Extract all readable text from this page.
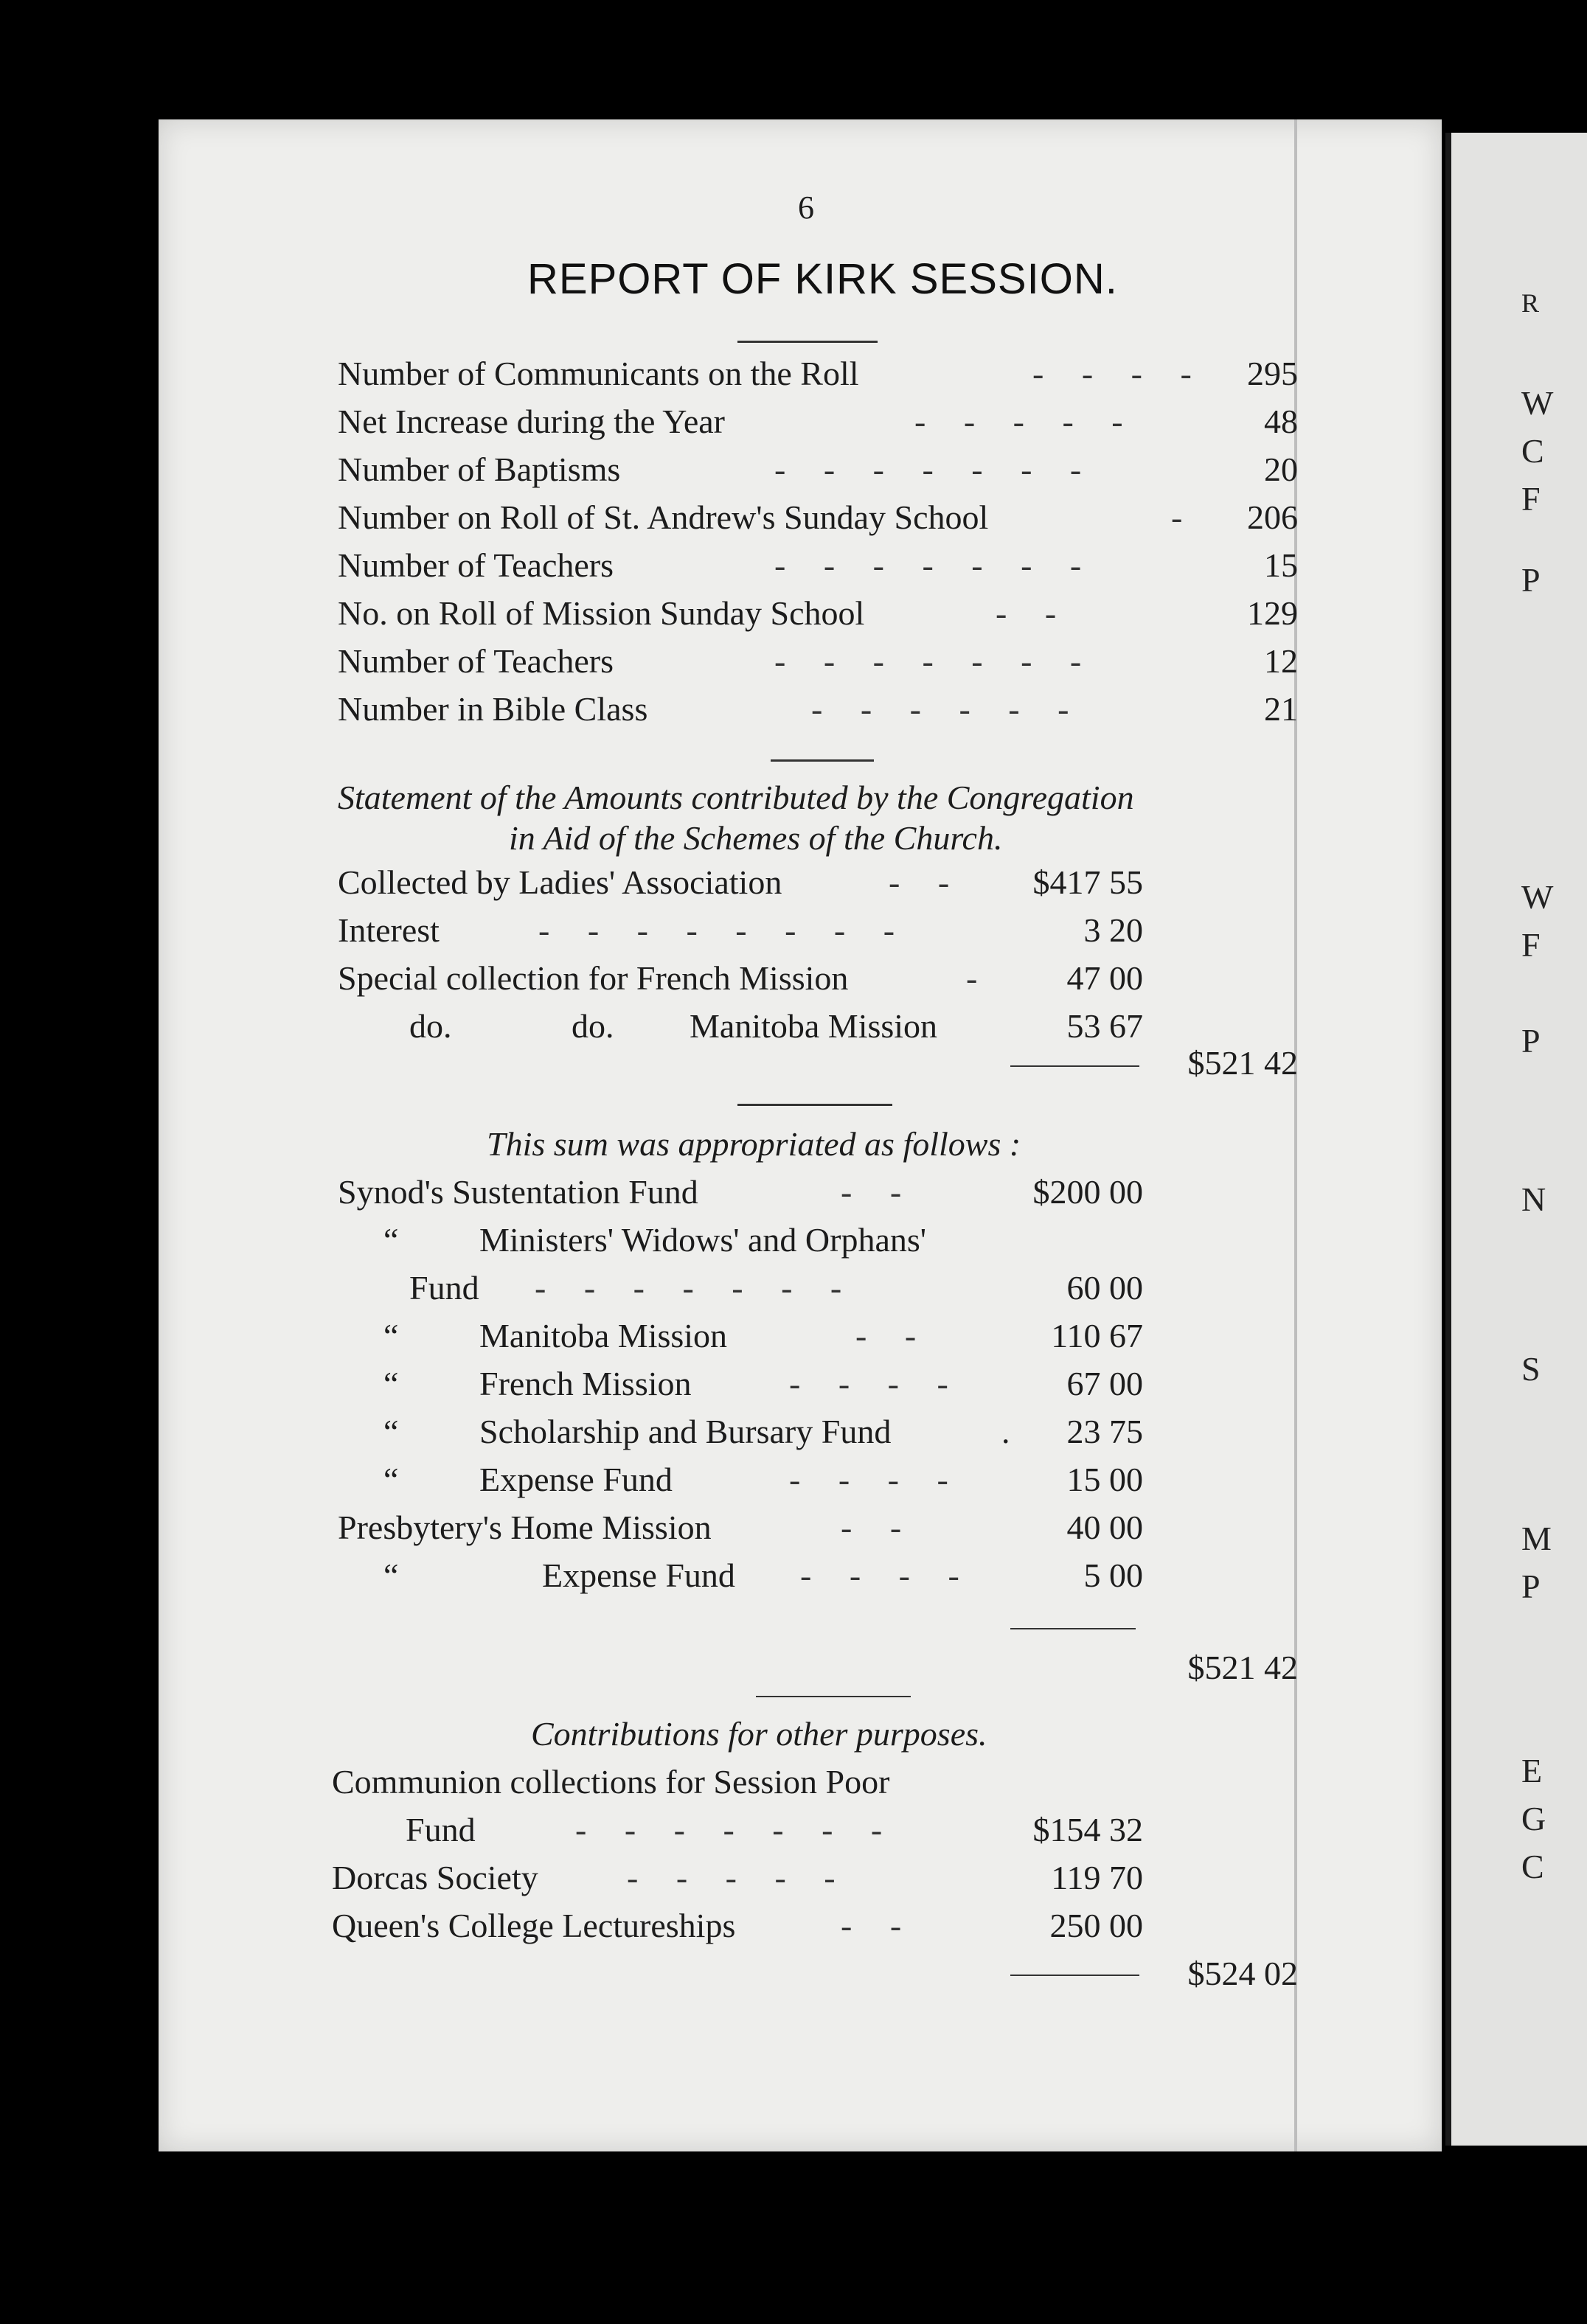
R
W
C
F
P
W
F
P
N
S
M
P
E
G
C
6
REPORT OF KIRK SESSION.
Number of Communicants on the Roll	- - - - 295
Net Increase during the Year	- - - - -	48
Number of Baptisms	- - - - - - -	20
Number on Roll of St. Andrew's Sunday School	-	206
Number of Teachers	- - - - - - -	15
No. on Roll of Mission Sunday School	- -	129
Number of Teachers	- - - - - - -	12
Number in Bible Class	- - - - - -	21
Statement of the Amounts contributed by the Congregation
in Aid of the Schemes of the Church.
Collected by Ladies' Association	- -	$417 55
Interest	- - - - - - - -	3 20
Special collection for French Mission	-	47 00
do.	do. Manitoba Mission	53 67
$521 42
This sum was appropriated as follows :
Synod's Sustentation Fund	- -	$200 00
“ Ministers' Widows' and Orphans'
Fund - - - - - - -	60 00
“ Manitoba Mission	- -	110 67
“ French Mission	- - - -	67 00
“ Scholarship and Bursary Fund	.	23 75
“ Expense Fund	- - - -	15 00
Presbytery's Home Mission	- -	40 00
“	Expense Fund - - - -	5 00
$521 42
Contributions for other purposes.
Communion collections for Session Poor
Fund	- - - - - - -	$154 32
Dorcas Society	- - - - -	119 70
Queen's College Lectureships	- -	250 00
$524 02
